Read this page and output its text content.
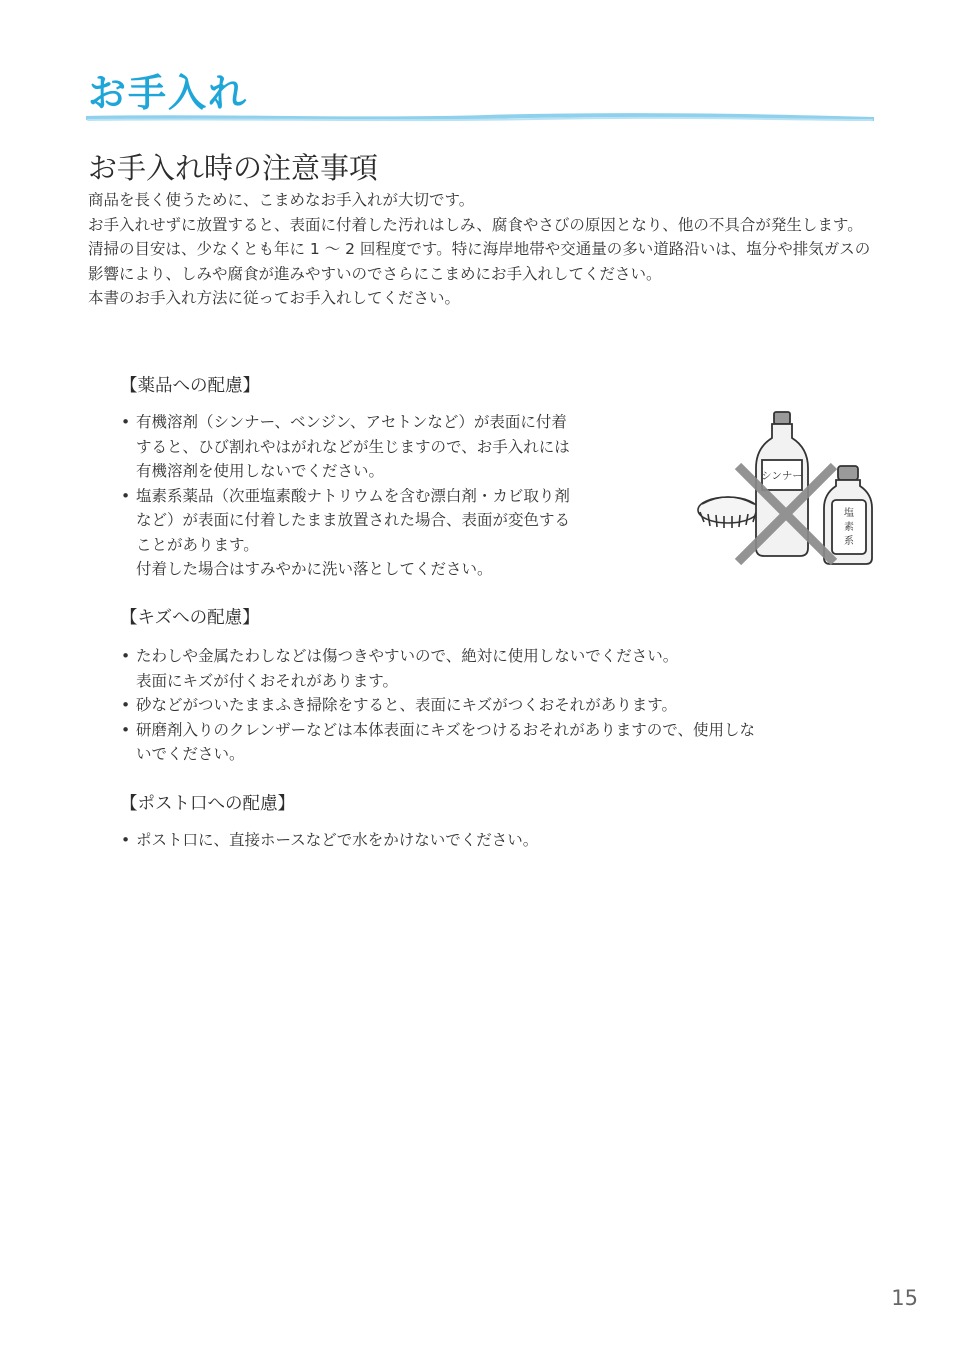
お手入れ
お手入れ時の注意事項

商品を長く使うために、こまめなお手入れが大切です。

お手入れせずに放置すると、表面に付着した汚れはしみ、腐食やさびの原因となり、他の不具合が発生します。清掃の目安は、少なくとも年に 1 〜 2 回程度です。特に海岸地帯や交通量の多い道路沿いは、塩分や排気ガスの影響により、しみや腐食が進みやすいのでさらにこまめにお手入れしてください。

本書のお手入れ方法に従ってお手入れしてください。

【薬品への配慮】
• 有機溶剤（シンナー、ベンジン、アセトンなど）が表面に付着
すると、ひび割れやはがれなどが生じますので、お手入れには
有機溶剤を使用しないでください。
• 塩素系薬品（次亜塩素酸ナトリウムを含む漂白剤・カビ取り剤
など）が表面に付着したまま放置された場合、表面が変色する
ことがあります。
付着した場合はすみやかに洗い落としてください。
シンナー
塩
素
系
【キズへの配慮】
• たわしや金属たわしなどは傷つきやすいので、絶対に使用しないでください。
表面にキズが付くおそれがあります。
• 砂などがついたままふき掃除をすると、表面にキズがつくおそれがあります。
• 研磨剤入りのクレンザーなどは本体表面にキズをつけるおそれがありますので、使用しな
いでください。
【ポスト口への配慮】
• ポスト口に、直接ホースなどで水をかけないでください。
15
